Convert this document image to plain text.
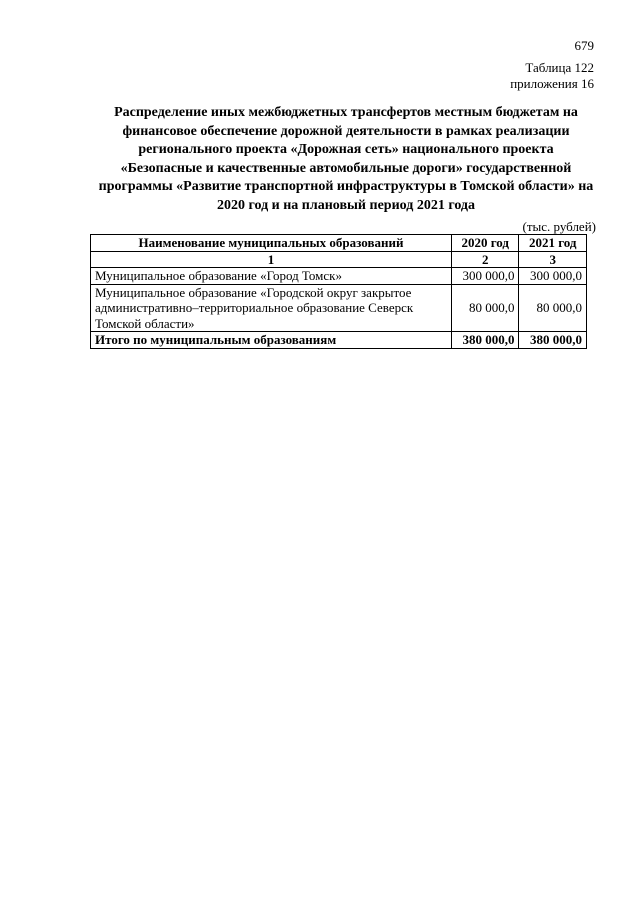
679
Таблица 122
приложения 16
Распределение иных межбюджетных трансфертов местным бюджетам на финансовое обеспечение дорожной деятельности в рамках реализации регионального проекта «Дорожная сеть» национального проекта «Безопасные и качественные автомобильные дороги» государственной программы «Развитие транспортной инфраструктуры в Томской области» на 2020 год и на плановый период 2021 года
(тыс. рублей)
Наименование муниципальных образований	2020 год	2021 год
1	2	3
Муниципальное образование «Город Томск»	300 000,0	300 000,0
Муниципальное образование «Городской округ закрытое административно–территориальное образование Северск Томской области»	80 000,0	80 000,0
Итого по муниципальным образованиям	380 000,0	380 000,0
